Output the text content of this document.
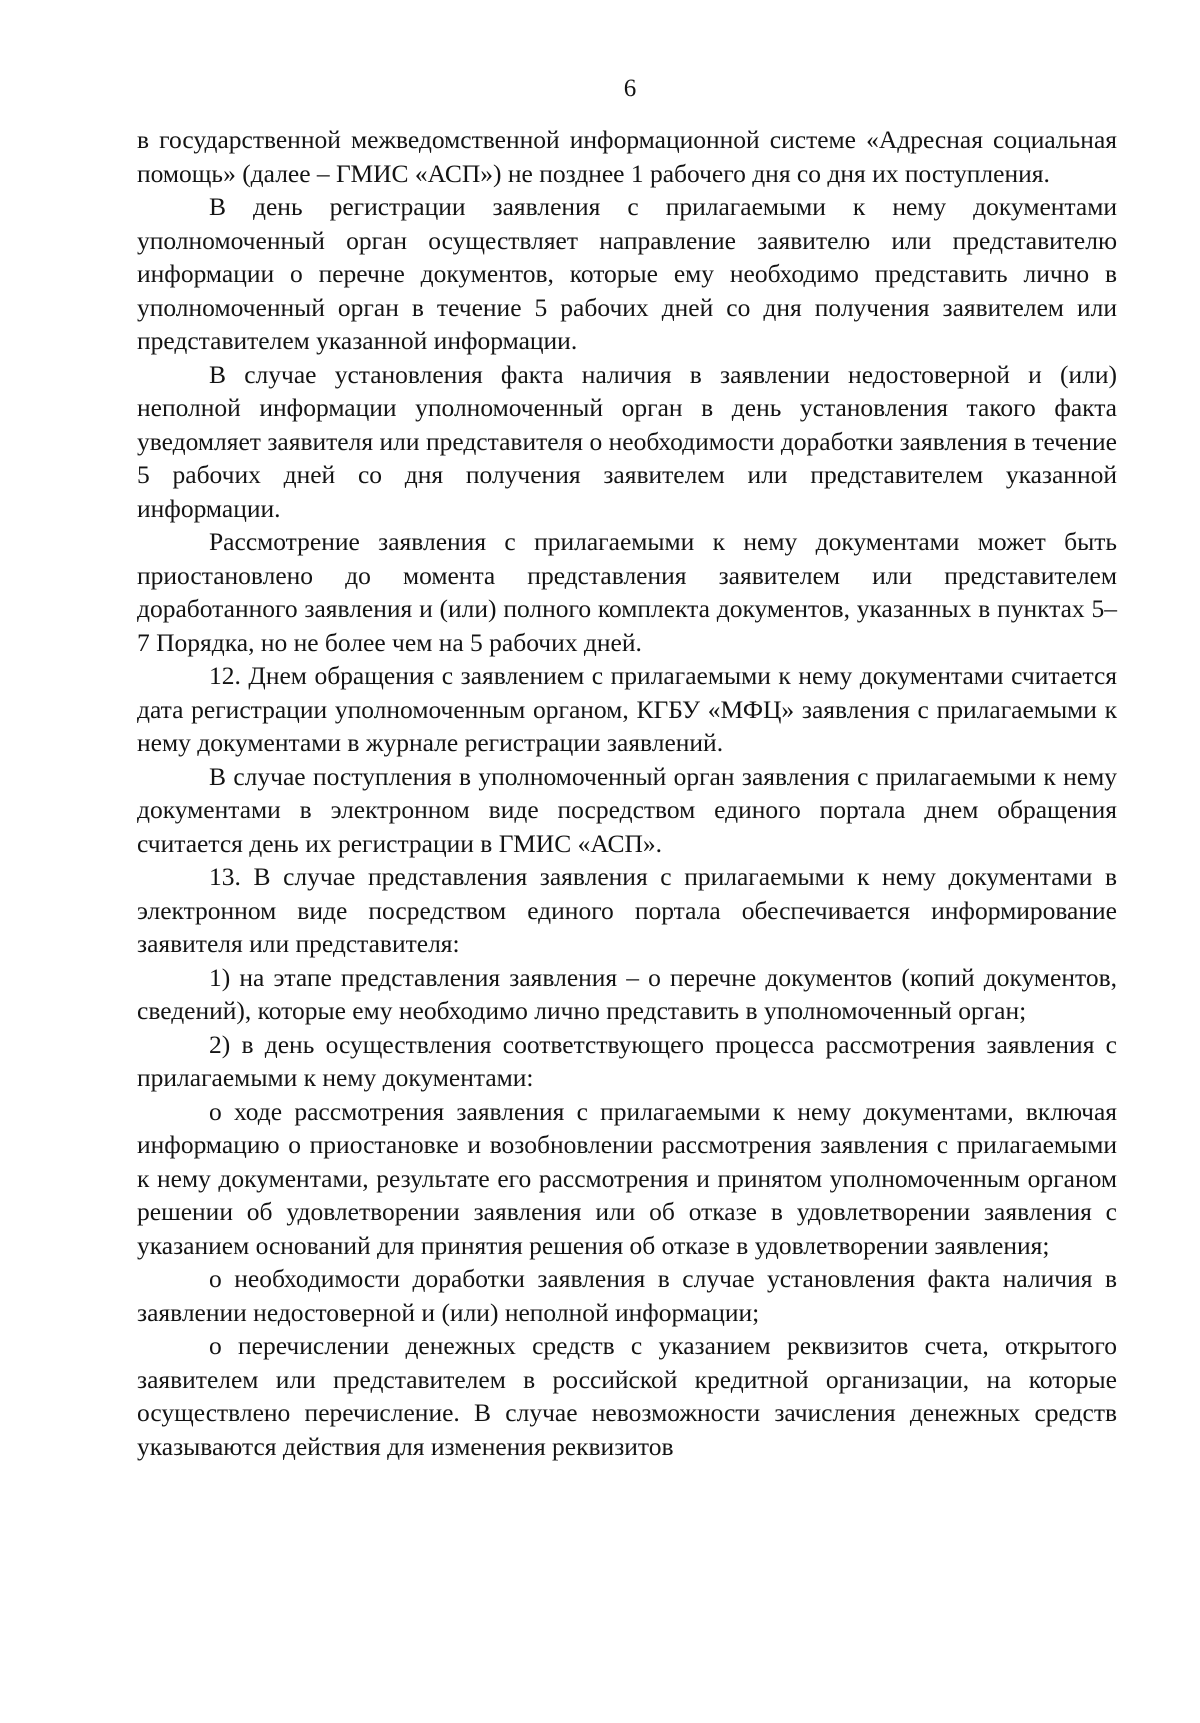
6

в государственной межведомственной информационной системе «Адресная социальная помощь» (далее – ГМИС «АСП») не позднее 1 рабочего дня со дня их поступления.

В день регистрации заявления с прилагаемыми к нему документами уполномоченный орган осуществляет направление заявителю или представителю информации о перечне документов, которые ему необходимо представить лично в уполномоченный орган в течение 5 рабочих дней со дня получения заявителем или представителем указанной информации.

В случае установления факта наличия в заявлении недостоверной и (или) неполной информации уполномоченный орган в день установления такого факта уведомляет заявителя или представителя о необходимости доработки заявления в течение 5 рабочих дней со дня получения заявителем или представителем указанной информации.

Рассмотрение заявления с прилагаемыми к нему документами может быть приостановлено до момента представления заявителем или представителем доработанного заявления и (или) полного комплекта документов, указанных в пунктах 5–7 Порядка, но не более чем на 5 рабочих дней.

12. Днем обращения с заявлением с прилагаемыми к нему документами считается дата регистрации уполномоченным органом, КГБУ «МФЦ» заявления с прилагаемыми к нему документами в журнале регистрации заявлений.

В случае поступления в уполномоченный орган заявления с прилагаемыми к нему документами в электронном виде посредством единого портала днем обращения считается день их регистрации в ГМИС «АСП».

13. В случае представления заявления с прилагаемыми к нему документами в электронном виде посредством единого портала обеспечивается информирование заявителя или представителя:

1) на этапе представления заявления – о перечне документов (копий документов, сведений), которые ему необходимо лично представить в уполномоченный орган;

2) в день осуществления соответствующего процесса рассмотрения заявления с прилагаемыми к нему документами:

о ходе рассмотрения заявления с прилагаемыми к нему документами, включая информацию о приостановке и возобновлении рассмотрения заявления с прилагаемыми к нему документами, результате его рассмотрения и принятом уполномоченным органом решении об удовлетворении заявления или об отказе в удовлетворении заявления с указанием оснований для принятия решения об отказе в удовлетворении заявления;

о необходимости доработки заявления в случае установления факта наличия в заявлении недостоверной и (или) неполной информации;

о перечислении денежных средств с указанием реквизитов счета, открытого заявителем или представителем в российской кредитной организации, на которые осуществлено перечисление. В случае невозможности зачисления денежных средств указываются действия для изменения реквизитов
